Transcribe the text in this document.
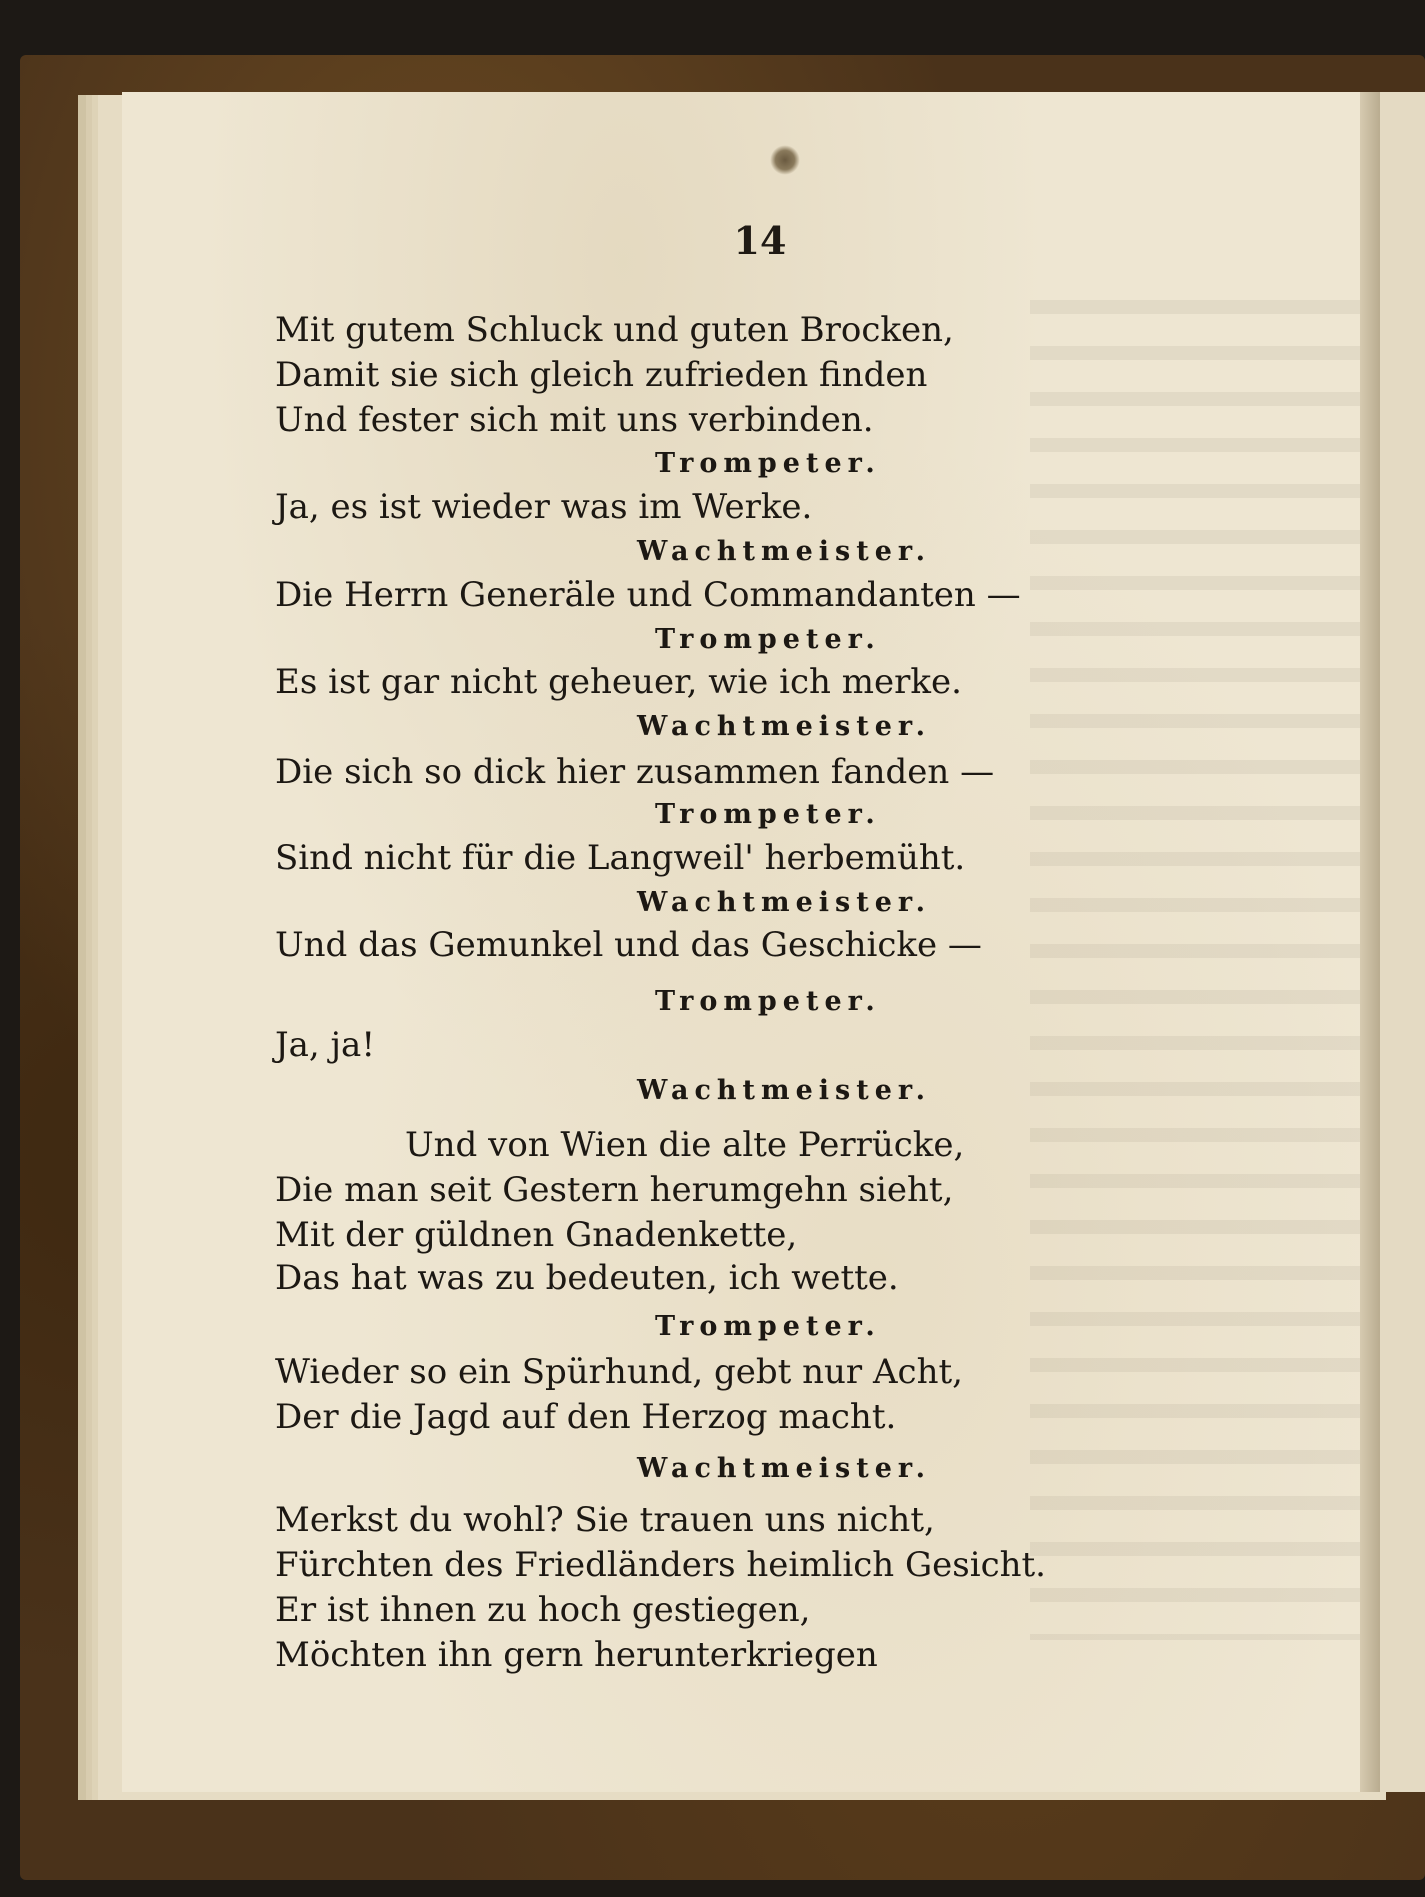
14
Mit gutem Schluck und guten Brocken,
Damit sie sich gleich zufrieden finden
Und fester sich mit uns verbinden.
Trompeter.
Ja, es ist wieder was im Werke.
Wachtmeister.
Die Herrn Generäle und Commandanten —
Trompeter.
Es ist gar nicht geheuer, wie ich merke.
Wachtmeister.
Die sich so dick hier zusammen fanden —
Trompeter.
Sind nicht für die Langweil' herbemüht.
Wachtmeister.
Und das Gemunkel und das Geschicke —
Trompeter.
Ja, ja!
Wachtmeister.
Und von Wien die alte Perrücke,
Die man seit Gestern herumgehn sieht,
Mit der güldnen Gnadenkette,
Das hat was zu bedeuten, ich wette.
Trompeter.
Wieder so ein Spürhund, gebt nur Acht,
Der die Jagd auf den Herzog macht.
Wachtmeister.
Merkst du wohl? Sie trauen uns nicht,
Fürchten des Friedländers heimlich Gesicht.
Er ist ihnen zu hoch gestiegen,
Möchten ihn gern herunterkriegen
